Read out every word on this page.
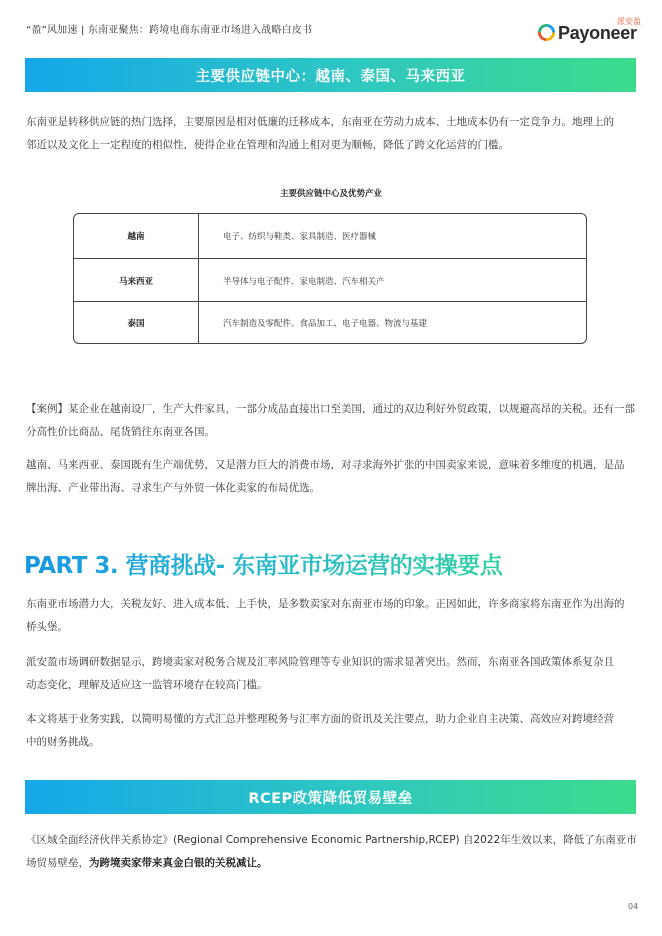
“盈”风加速 | 东南亚聚焦：跨境电商东南亚市场进入战略白皮书
派安盈
Payoneer
主要供应链中心：越南、泰国、马来西亚
东南亚是转移供应链的热门选择，主要原因是相对低廉的迁移成本，东南亚在劳动力成本、土地成本仍有一定竞争力。地理上的
邻近以及文化上一定程度的相似性，使得企业在管理和沟通上相对更为顺畅，降低了跨文化运营的门槛。
主要供应链中心及优势产业
越南	电子、纺织与鞋类、家具制造、医疗器械
马来西亚	半导体与电子配件、家电制造、汽车相关产
泰国	汽车制造及零配件、食品加工、电子电器、物流与基建
【案例】某企业在越南设厂，生产大件家具，一部分成品直接出口至美国，通过的双边利好外贸政策，以规避高昂的关税。还有一部
分高性价比商品、尾货销往东南亚各国。
越南、马来西亚、泰国既有生产端优势，又是潜力巨大的消费市场，对寻求海外扩张的中国卖家来说，意味着多维度的机遇，是品
牌出海、产业带出海、寻求生产与外贸一体化卖家的布局优选。
PART 3. 营商挑战- 东南亚市场运营的实操要点
东南亚市场潜力大，关税友好、进入成本低、上手快，是多数卖家对东南亚市场的印象。正因如此，许多商家将东南亚作为出海的
桥头堡。
派安盈市场调研数据显示，跨境卖家对税务合规及汇率风险管理等专业知识的需求显著突出。然而，东南亚各国政策体系复杂且
动态变化，理解及适应这一监管环境存在较高门槛。
本文将基于业务实践，以简明易懂的方式汇总并整理税务与汇率方面的资讯及关注要点，助力企业自主决策、高效应对跨境经营
中的财务挑战。
RCEP政策降低贸易壁垒
《区域全面经济伙伴关系协定》(Regional Comprehensive Economic Partnership,RCEP) 自2022年生效以来，降低了东南亚市
场贸易壁垒，为跨境卖家带来真金白银的关税减让。
04
